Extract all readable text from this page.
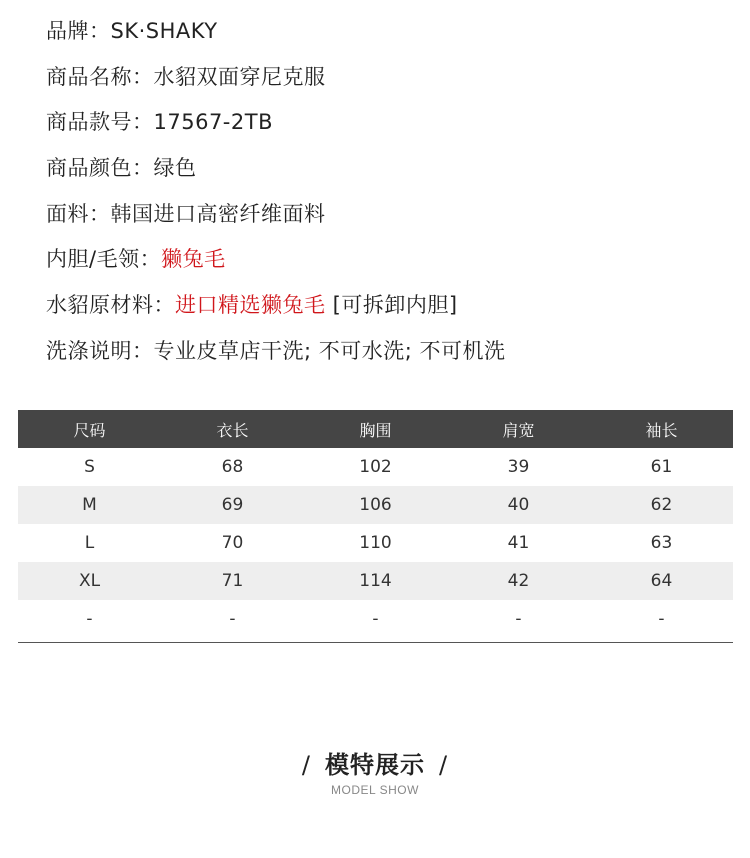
品牌：SK·SHAKY
商品名称：水貂双面穿尼克服
商品款号：17567-2TB
商品颜色：绿色
面料：韩国进口高密纤维面料
内胆/毛领：獭兔毛
水貂原材料：进口精选獭兔毛 [可拆卸内胆]
洗涤说明：专业皮草店干洗; 不可水洗; 不可机洗
尺码	衣长	胸围	肩宽	袖长
S	68	102	39	61
M	69	106	40	62
L	70	110	41	63
XL	71	114	42	64
-	-	-	-	-
/ 模特展示 /
MODEL SHOW
